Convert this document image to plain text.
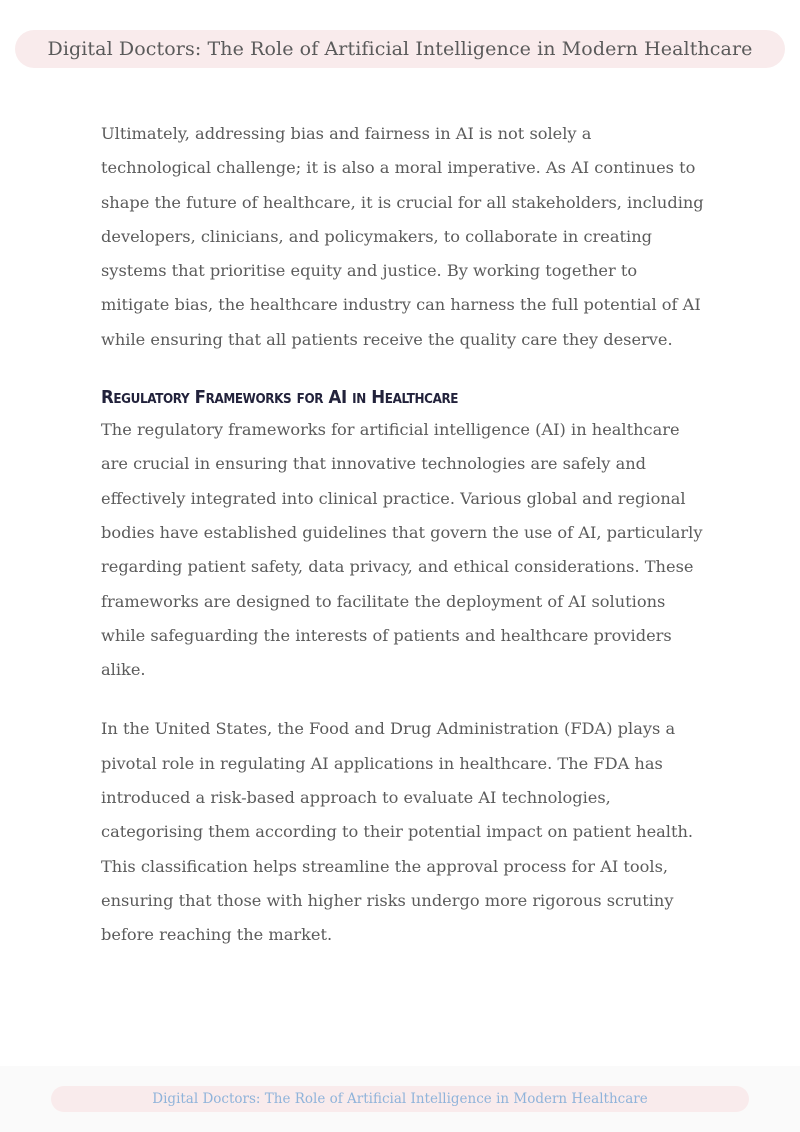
Digital Doctors: The Role of Artificial Intelligence in Modern Healthcare

Ultimately, addressing bias and fairness in AI is not solely a technological challenge; it is also a moral imperative. As AI continues to shape the future of healthcare, it is crucial for all stakeholders, including developers, clinicians, and policymakers, to collaborate in creating systems that prioritise equity and justice. By working together to mitigate bias, the healthcare industry can harness the full potential of AI while ensuring that all patients receive the quality care they deserve.

Regulatory Frameworks for AI in Healthcare

The regulatory frameworks for artificial intelligence (AI) in healthcare are crucial in ensuring that innovative technologies are safely and effectively integrated into clinical practice. Various global and regional bodies have established guidelines that govern the use of AI, particularly regarding patient safety, data privacy, and ethical considerations. These frameworks are designed to facilitate the deployment of AI solutions while safeguarding the interests of patients and healthcare providers alike.

In the United States, the Food and Drug Administration (FDA) plays a pivotal role in regulating AI applications in healthcare. The FDA has introduced a risk-based approach to evaluate AI technologies, categorising them according to their potential impact on patient health. This classification helps streamline the approval process for AI tools, ensuring that those with higher risks undergo more rigorous scrutiny before reaching the market.

Digital Doctors: The Role of Artificial Intelligence in Modern Healthcare
